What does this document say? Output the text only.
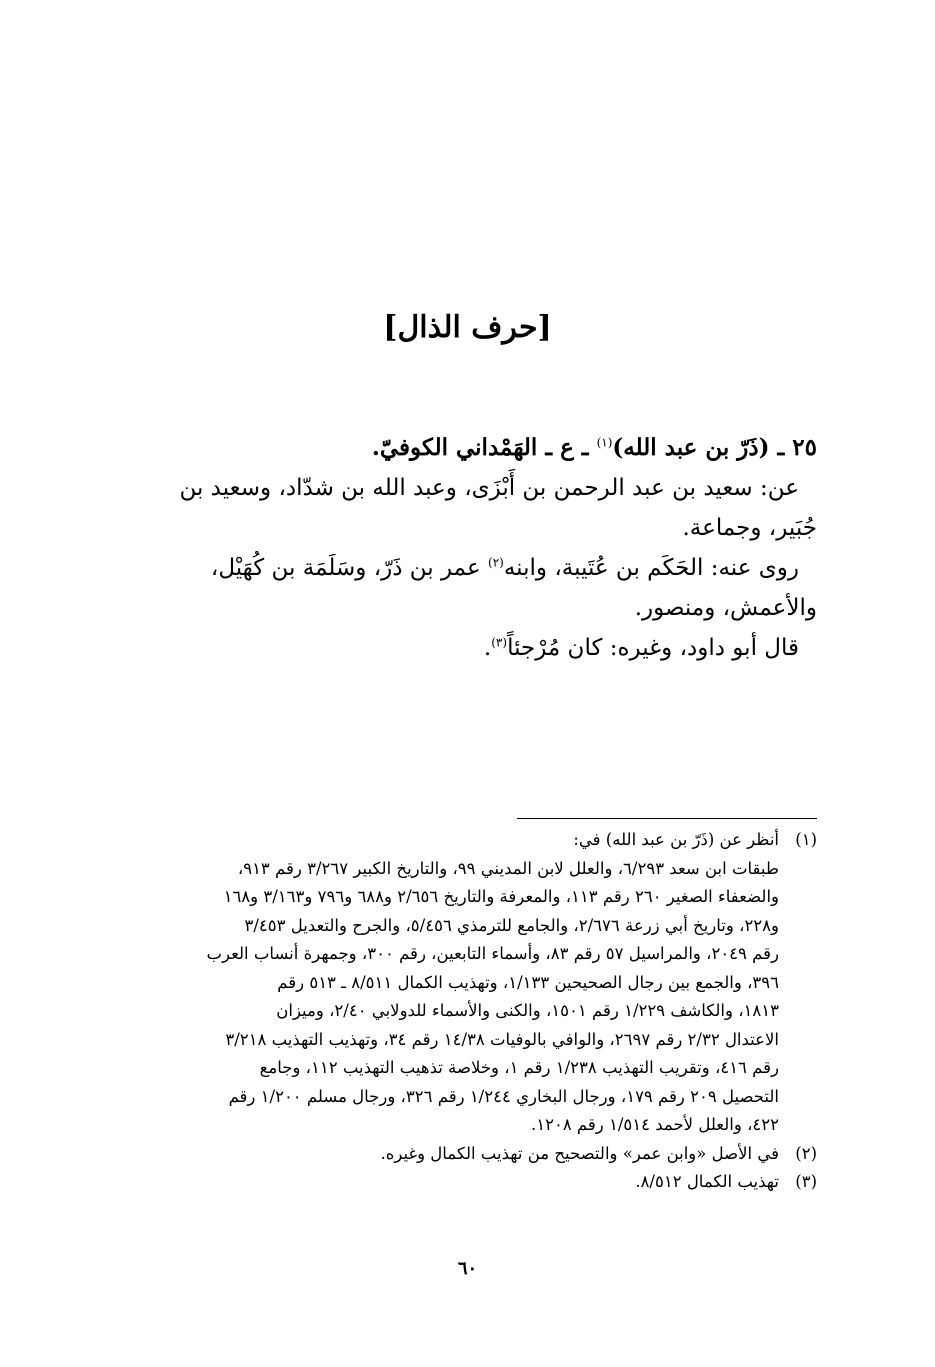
[حرف الذال]

٢٥ ـ (ذَرّ بن عبد الله)$^{(١)}$ ـ ع ـ الهَمْداني الكوفيّ.

عن: سعيد بن عبد الرحمن بن أَبْزَى، وعبد الله بن شدّاد، وسعيد بن

جُبَير، وجماعة.

روى عنه: الحَكَم بن عُتَيبة، وابنه$^{(٢)}$ عمر بن ذَرّ، وسَلَمَة بن كُهَيْل،

والأعمش، ومنصور.

قال أبو داود، وغيره: كان مُرْجئاً$^{(٣)}$.

(١)

أنظر عن (ذَرّ بن عبد الله) في:

طبقات ابن سعد ٦/٢٩٣، والعلل لابن المديني ٩٩، والتاريخ الكبير ٣/٢٦٧ رقم ٩١٣،

والضعفاء الصغير ٢٦٠ رقم ١١٣، والمعرفة والتاريخ ٢/٦٥٦ و٦٨٨ و٧٩٦ و٣/١٦٣ و١٦٨

و٢٢٨، وتاريخ أبي زرعة ٢/٦٧٦، والجامع للترمذي ٥/٤٥٦، والجرح والتعديل ٣/٤٥٣

رقم ٢٠٤٩، والمراسيل ٥٧ رقم ٨٣، وأسماء التابعين، رقم ٣٠٠، وجمهرة أنساب العرب

٣٩٦، والجمع بين رجال الصحيحين ١/١٣٣، وتهذيب الكمال ٨/٥١١ ـ ٥١٣ رقم

١٨١٣، والكاشف ١/٢٢٩ رقم ١٥٠١، والكنى والأسماء للدولابي ٢/٤٠، وميزان

الاعتدال ٢/٣٢ رقم ٢٦٩٧، والوافي بالوفيات ١٤/٣٨ رقم ٣٤، وتهذيب التهذيب ٣/٢١٨

رقم ٤١٦، وتقريب التهذيب ١/٢٣٨ رقم ١، وخلاصة تذهيب التهذيب ١١٢، وجامع

التحصيل ٢٠٩ رقم ١٧٩، ورجال البخاري ١/٢٤٤ رقم ٣٢٦، ورجال مسلم ١/٢٠٠ رقم

٤٢٢، والعلل لأحمد ١/٥١٤ رقم ١٢٠٨.

(٢)

في الأصل «وابن عمر» والتصحيح من تهذيب الكمال وغيره.

(٣)

تهذيب الكمال ٨/٥١٢.

٦٠
